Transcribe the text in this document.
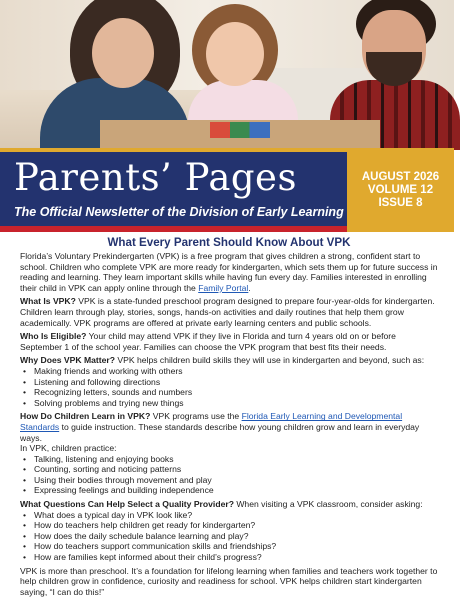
Parents’ Pages
The Official Newsletter of the Division of Early Learning
AUGUST 2026
VOLUME 12
ISSUE 8
What Every Parent Should Know About VPK

Florida’s Voluntary Prekindergarten (VPK) is a free program that gives children a strong, confident start to school. Children who complete VPK are more ready for kindergarten, which sets them up for future success in reading and learning. They learn important skills while having fun every day. Families interested in enrolling their child in VPK can apply online through the Family Portal.

What Is VPK? VPK is a state-funded preschool program designed to prepare four-year-olds for kindergarten. Children learn through play, stories, songs, hands-on activities and daily routines that help them grow academically. VPK programs are offered at private early learning centers and public schools.

Who Is Eligible? Your child may attend VPK if they live in Florida and turn 4 years old on or before September 1 of the school year. Families can choose the VPK program that best fits their needs.

Why Does VPK Matter? VPK helps children build skills they will use in kindergarten and beyond, such as:

• Making friends and working with others
• Listening and following directions
• Recognizing letters, sounds and numbers
• Solving problems and trying new things

How Do Children Learn in VPK? VPK programs use the Florida Early Learning and Developmental Standards to guide instruction. These standards describe how young children grow and learn in everyday ways.

In VPK, children practice:

• Talking, listening and enjoying books
• Counting, sorting and noticing patterns
• Using their bodies through movement and play
• Expressing feelings and building independence

What Questions Can Help Select a Quality Provider? When visiting a VPK classroom, consider asking:

• What does a typical day in VPK look like?
• How do teachers help children get ready for kindergarten?
• How does the daily schedule balance learning and play?
• How do teachers support communication skills and friendships?
• How are families kept informed about their child’s progress?

VPK is more than preschool. It’s a foundation for lifelong learning when families and teachers work together to help children grow in confidence, curiosity and readiness for school. VPK helps children start kindergarten saying, “I can do this!”
